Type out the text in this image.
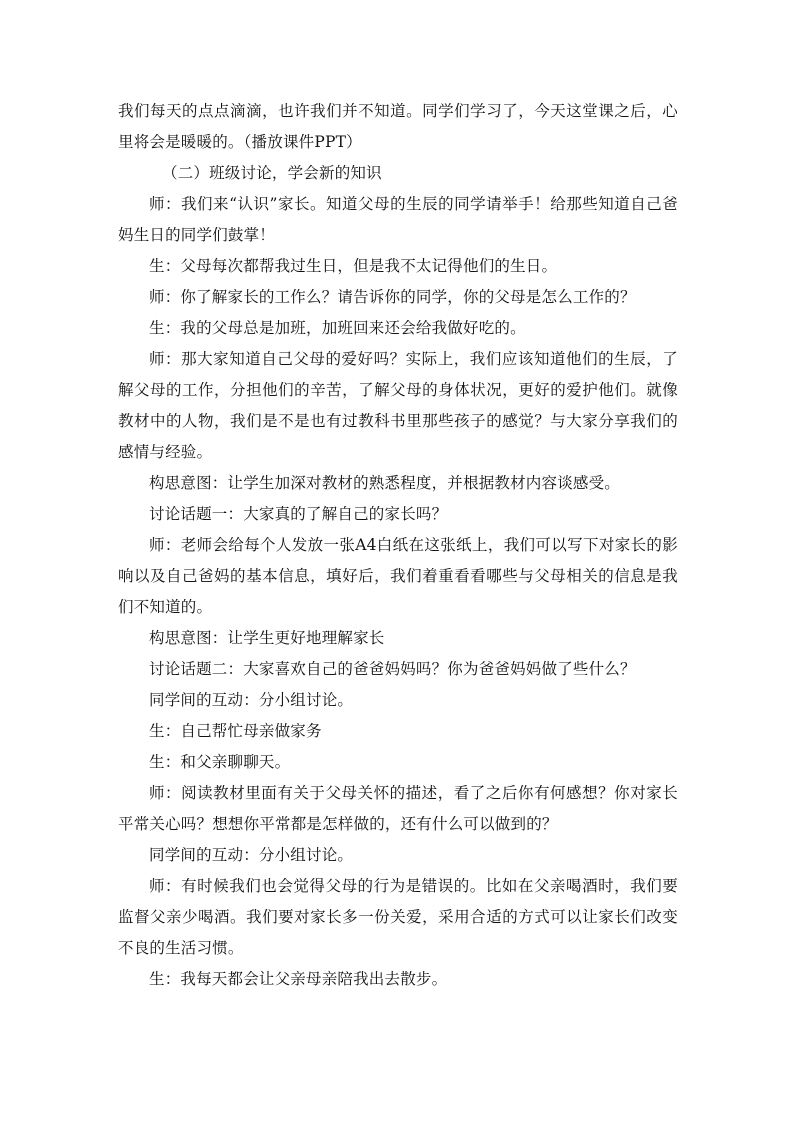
我们每天的点点滴滴，也许我们并不知道。同学们学习了，今天这堂课之后，心里将会是暖暖的。（播放课件PPT）

（二）班级讨论，学会新的知识

师：我们来“认识”家长。知道父母的生辰的同学请举手！给那些知道自己爸妈生日的同学们鼓掌！

生：父母每次都帮我过生日，但是我不太记得他们的生日。

师：你了解家长的工作么？请告诉你的同学，你的父母是怎么工作的？

生：我的父母总是加班，加班回来还会给我做好吃的。

师：那大家知道自己父母的爱好吗？实际上，我们应该知道他们的生辰，了解父母的工作，分担他们的辛苦，了解父母的身体状况，更好的爱护他们。就像教材中的人物，我们是不是也有过教科书里那些孩子的感觉？与大家分享我们的感情与经验。

构思意图：让学生加深对教材的熟悉程度，并根据教材内容谈感受。

讨论话题一：大家真的了解自己的家长吗？

师：老师会给每个人发放一张A4白纸在这张纸上，我们可以写下对家长的影响以及自己爸妈的基本信息，填好后，我们着重看看哪些与父母相关的信息是我们不知道的。

构思意图：让学生更好地理解家长

讨论话题二：大家喜欢自己的爸爸妈妈吗？你为爸爸妈妈做了些什么？

同学间的互动：分小组讨论。

生：自己帮忙母亲做家务

生：和父亲聊聊天。

师：阅读教材里面有关于父母关怀的描述，看了之后你有何感想？你对家长平常关心吗？想想你平常都是怎样做的，还有什么可以做到的？

同学间的互动：分小组讨论。

师：有时候我们也会觉得父母的行为是错误的。比如在父亲喝酒时，我们要监督父亲少喝酒。我们要对家长多一份关爱，采用合适的方式可以让家长们改变不良的生活习惯。

生：我每天都会让父亲母亲陪我出去散步。
